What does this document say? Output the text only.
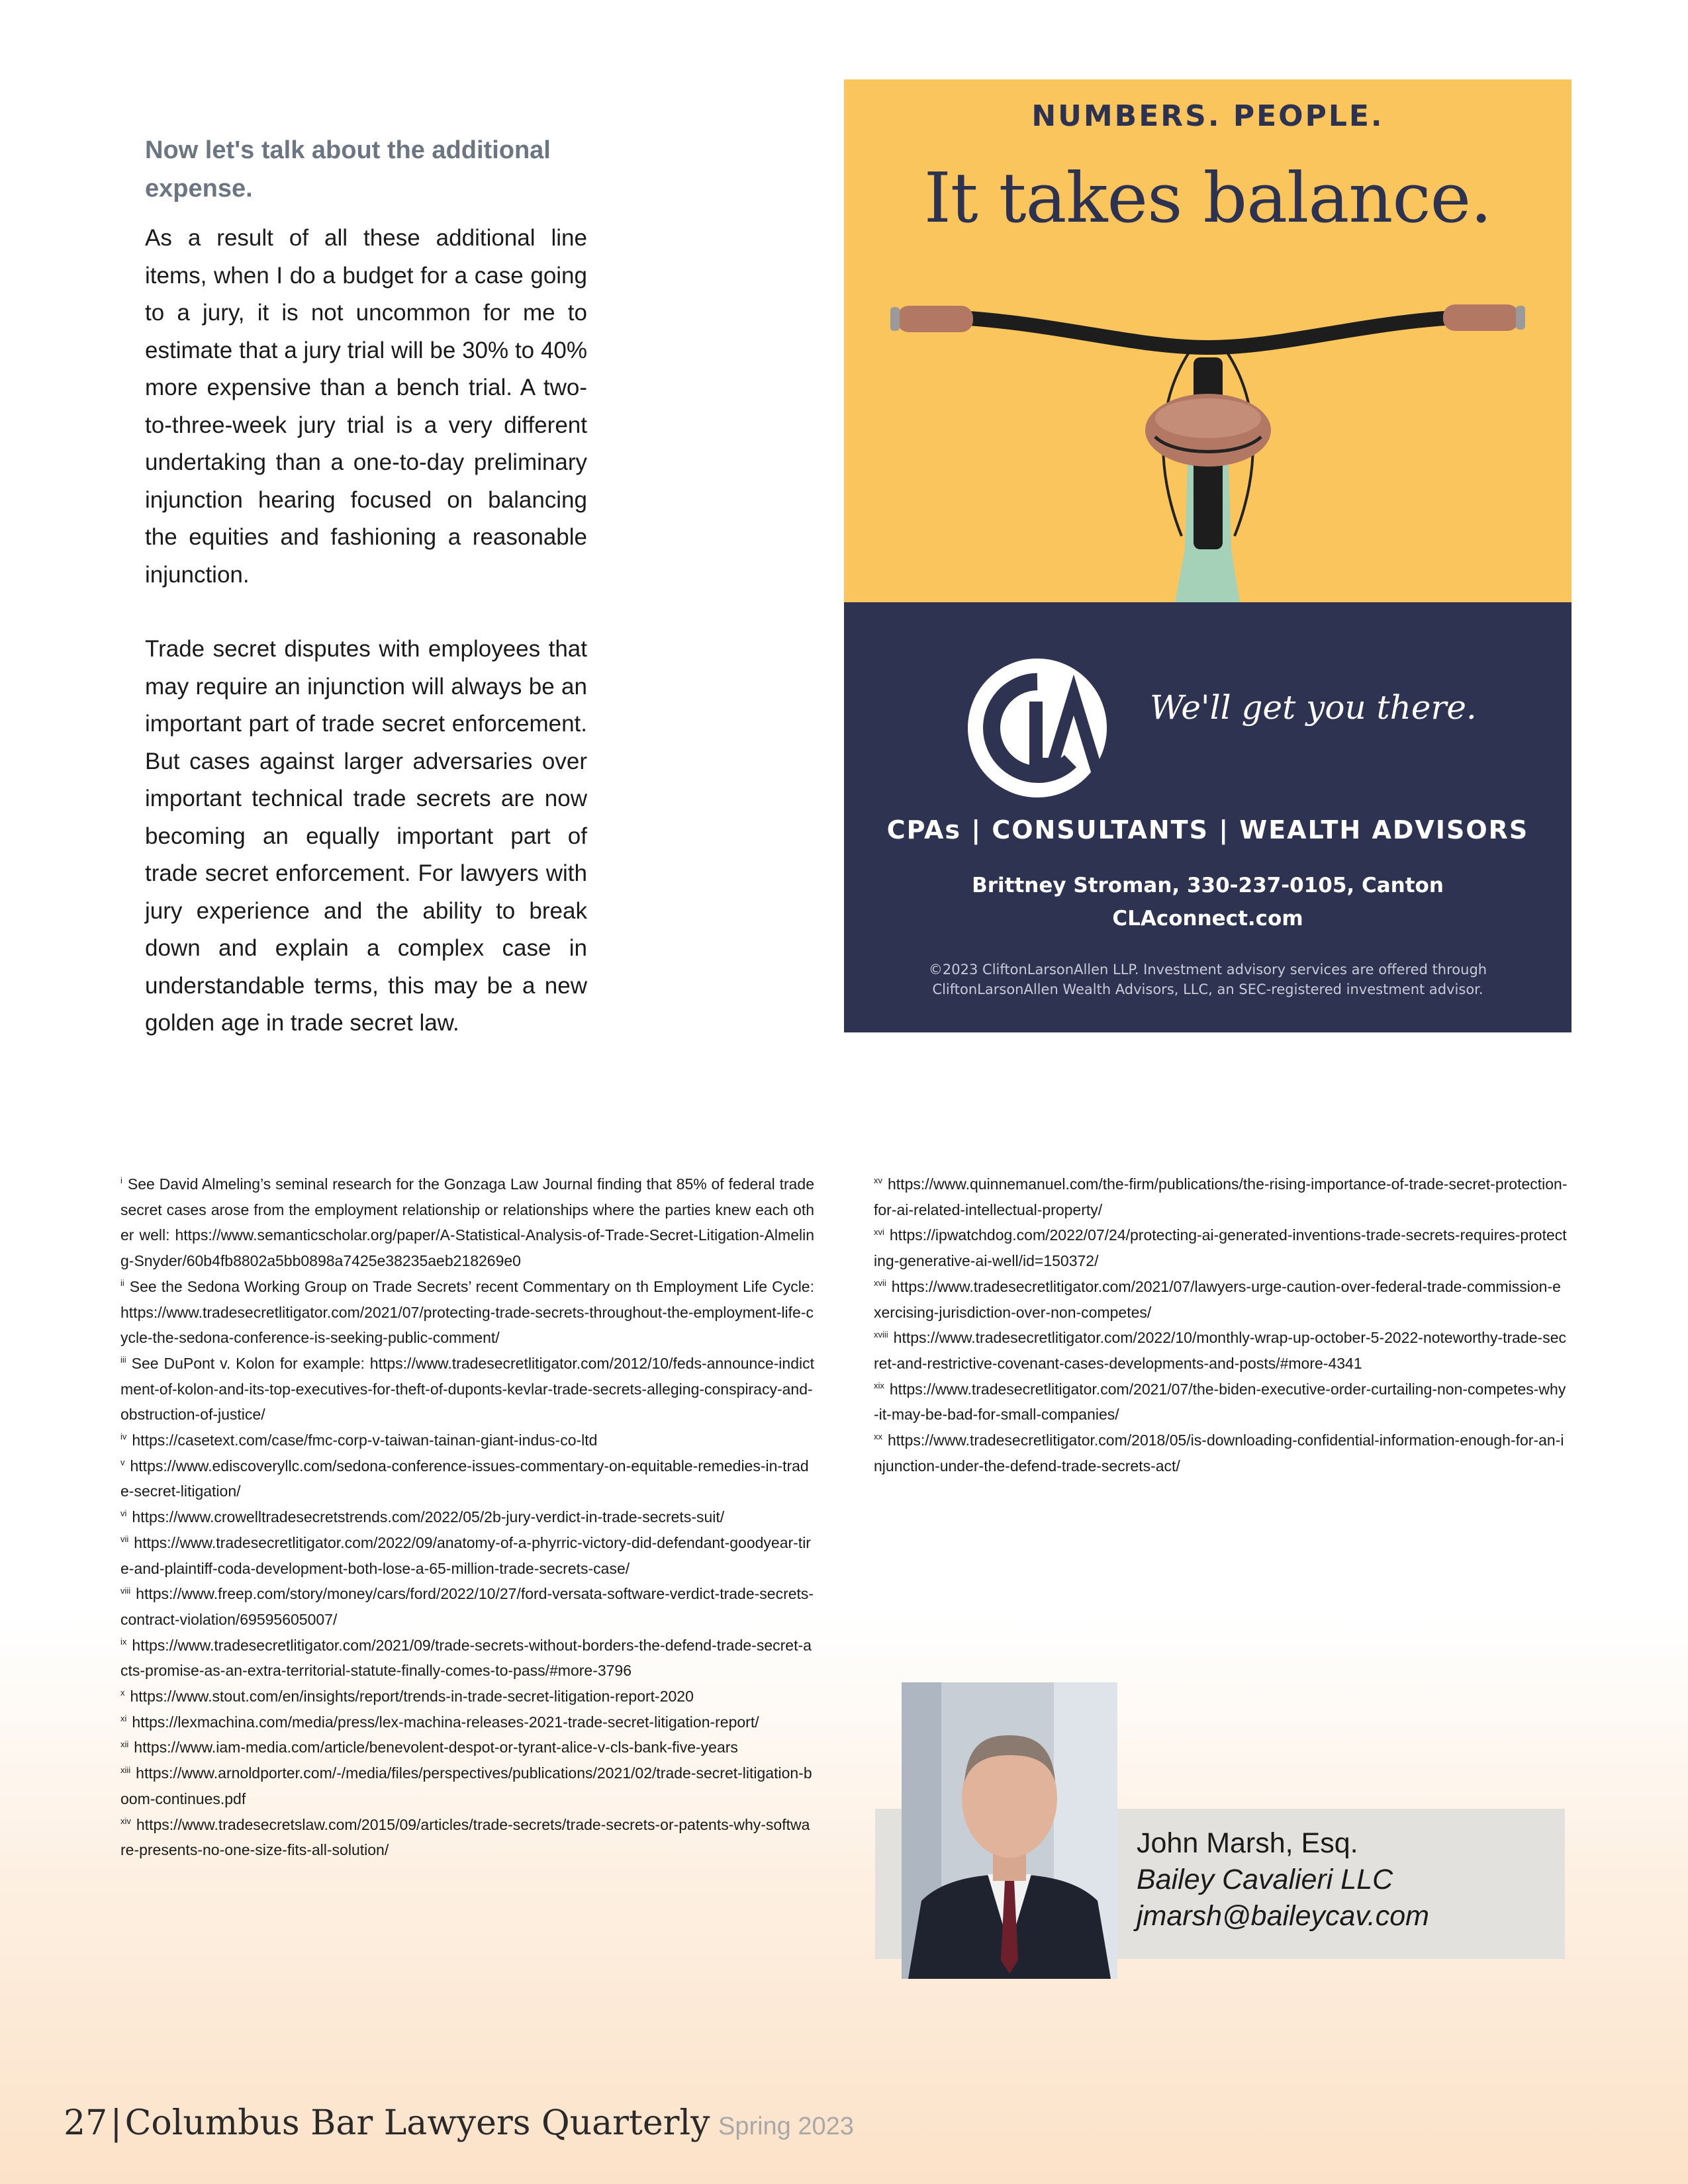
Now let's talk about the additional expense.

As a result of all these additional line items, when I do a budget for a case going to a jury, it is not uncommon for me to estimate that a jury trial will be 30% to 40% more expensive than a bench trial. A two-to-three-week jury trial is a very different undertaking than a one-to-day preliminary injunction hearing focused on balancing the equities and fashioning a reasonable injunction.

Trade secret disputes with employees that may require an injunction will always be an important part of trade secret enforcement. But cases against larger adversaries over important technical trade secrets are now becoming an equally important part of trade secret enforcement. For lawyers with jury experience and the ability to break down and explain a complex case in understandable terms, this may be a new golden age in trade secret law.

NUMBERS. PEOPLE.
It takes balance.
We'll get you there.
CPAs | CONSULTANTS | WEALTH ADVISORS
Brittney Stroman, 330-237-0105, Canton
CLAconnect.com
©2023 CliftonLarsonAllen LLP. Investment advisory services are offered through CliftonLarsonAllen Wealth Advisors, LLC, an SEC-registered investment advisor.

$^i$ See David Almeling’s seminal research for the Gonzaga Law Journal finding that 85% of federal trade secret cases arose from the employment relationship or relationships where the parties knew each other well: https://www.semanticscholar.org/paper/A-Statistical-Analysis-of-Trade-Secret-Litigation-Almeling-Snyder/60b4fb8802a5bb0898a7425e38235aeb218269e0

$^{ii}$ See the Sedona Working Group on Trade Secrets’ recent Commentary on th Employment Life Cycle: https://www.tradesecretlitigator.com/2021/07/protecting-trade-secrets-throughout-the-employment-life-cycle-the-sedona-conference-is-seeking-public-comment/

$^{iii}$ See DuPont v. Kolon for example: https://www.tradesecretlitigator.com/2012/10/feds-announce-indictment-of-kolon-and-its-top-executives-for-theft-of-duponts-kevlar-trade-secrets-alleging-conspiracy-and-obstruction-of-justice/

$^{iv}$ https://casetext.com/case/fmc-corp-v-taiwan-tainan-giant-indus-co-ltd

$^v$ https://www.ediscoveryllc.com/sedona-conference-issues-commentary-on-equitable-remedies-in-trade-secret-litigation/

$^{vi}$ https://www.crowelltradesecretstrends.com/2022/05/2b-jury-verdict-in-trade-secrets-suit/

$^{vii}$ https://www.tradesecretlitigator.com/2022/09/anatomy-of-a-phyrric-victory-did-defendant-goodyear-tire-and-plaintiff-coda-development-both-lose-a-65-million-trade-secrets-case/

$^{viii}$ https://www.freep.com/story/money/cars/ford/2022/10/27/ford-versata-software-verdict-trade-secrets-contract-violation/69595605007/

$^{ix}$ https://www.tradesecretlitigator.com/2021/09/trade-secrets-without-borders-the-defend-trade-secret-acts-promise-as-an-extra-territorial-statute-finally-comes-to-pass/#more-3796

$^x$ https://www.stout.com/en/insights/report/trends-in-trade-secret-litigation-report-2020

$^{xi}$ https://lexmachina.com/media/press/lex-machina-releases-2021-trade-secret-litigation-report/

$^{xii}$ https://www.iam-media.com/article/benevolent-despot-or-tyrant-alice-v-cls-bank-five-years

$^{xiii}$ https://www.arnoldporter.com/-/media/files/perspectives/publications/2021/02/trade-secret-litigation-boom-continues.pdf

$^{xiv}$ https://www.tradesecretslaw.com/2015/09/articles/trade-secrets/trade-secrets-or-patents-why-software-presents-no-one-size-fits-all-solution/

$^{xv}$ https://www.quinnemanuel.com/the-firm/publications/the-rising-importance-of-trade-secret-protection-for-ai-related-intellectual-property/

$^{xvi}$ https://ipwatchdog.com/2022/07/24/protecting-ai-generated-inventions-trade-secrets-requires-protecting-generative-ai-well/id=150372/

$^{xvii}$ https://www.tradesecretlitigator.com/2021/07/lawyers-urge-caution-over-federal-trade-commission-exercising-jurisdiction-over-non-competes/

$^{xviii}$ https://www.tradesecretlitigator.com/2022/10/monthly-wrap-up-october-5-2022-noteworthy-trade-secret-and-restrictive-covenant-cases-developments-and-posts/#more-4341

$^{xix}$ https://www.tradesecretlitigator.com/2021/07/the-biden-executive-order-curtailing-non-competes-why-it-may-be-bad-for-small-companies/

$^{xx}$ https://www.tradesecretlitigator.com/2018/05/is-downloading-confidential-information-enough-for-an-injunction-under-the-defend-trade-secrets-act/

John Marsh, Esq.
Bailey Cavalieri LLC
jmarsh@baileycav.com
27 | Columbus Bar Lawyers Quarterly Spring 2023
